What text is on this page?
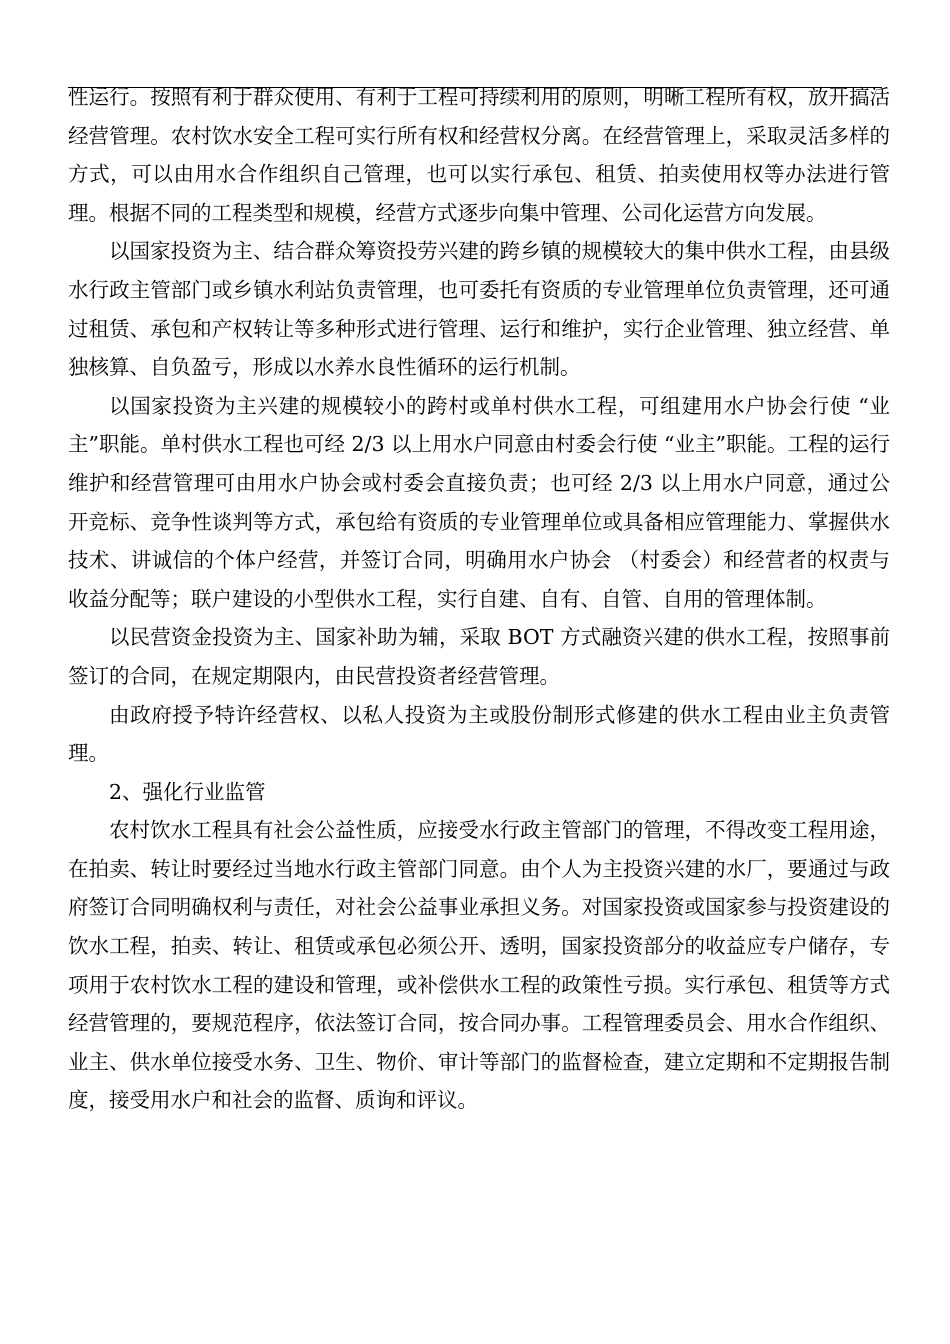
性运行。按照有利于群众使用、有利于工程可持续利用的原则，明晰工程所有权，放开搞活经营管理。农村饮水安全工程可实行所有权和经营权分离。在经营管理上，采取灵活多样的方式，可以由用水合作组织自己管理，也可以实行承包、租赁、拍卖使用权等办法进行管理。根据不同的工程类型和规模，经营方式逐步向集中管理、公司化运营方向发展。

以国家投资为主、结合群众筹资投劳兴建的跨乡镇的规模较大的集中供水工程，由县级水行政主管部门或乡镇水利站负责管理，也可委托有资质的专业管理单位负责管理，还可通过租赁、承包和产权转让等多种形式进行管理、运行和维护，实行企业管理、独立经营、单独核算、自负盈亏，形成以水养水良性循环的运行机制。

以国家投资为主兴建的规模较小的跨村或单村供水工程，可组建用水户协会行使 “业主”职能。单村供水工程也可经 2/3 以上用水户同意由村委会行使 “业主”职能。工程的运行维护和经营管理可由用水户协会或村委会直接负责；也可经 2/3 以上用水户同意，通过公开竞标、竞争性谈判等方式，承包给有资质的专业管理单位或具备相应管理能力、掌握供水技术、讲诚信的个体户经营，并签订合同，明确用水户协会 （村委会）和经营者的权责与收益分配等；联户建设的小型供水工程，实行自建、自有、自管、自用的管理体制。

以民营资金投资为主、国家补助为辅，采取 BOT 方式融资兴建的供水工程，按照事前签订的合同，在规定期限内，由民营投资者经营管理。

由政府授予特许经营权、以私人投资为主或股份制形式修建的供水工程由业主负责管理。

2、强化行业监管

农村饮水工程具有社会公益性质，应接受水行政主管部门的管理，不得改变工程用途，在拍卖、转让时要经过当地水行政主管部门同意。由个人为主投资兴建的水厂，要通过与政府签订合同明确权利与责任，对社会公益事业承担义务。对国家投资或国家参与投资建设的饮水工程，拍卖、转让、租赁或承包必须公开、透明，国家投资部分的收益应专户储存，专项用于农村饮水工程的建设和管理，或补偿供水工程的政策性亏损。实行承包、租赁等方式经营管理的，要规范程序，依法签订合同，按合同办事。工程管理委员会、用水合作组织、业主、供水单位接受水务、卫生、物价、审计等部门的监督检查，建立定期和不定期报告制度，接受用水户和社会的监督、质询和评议。
